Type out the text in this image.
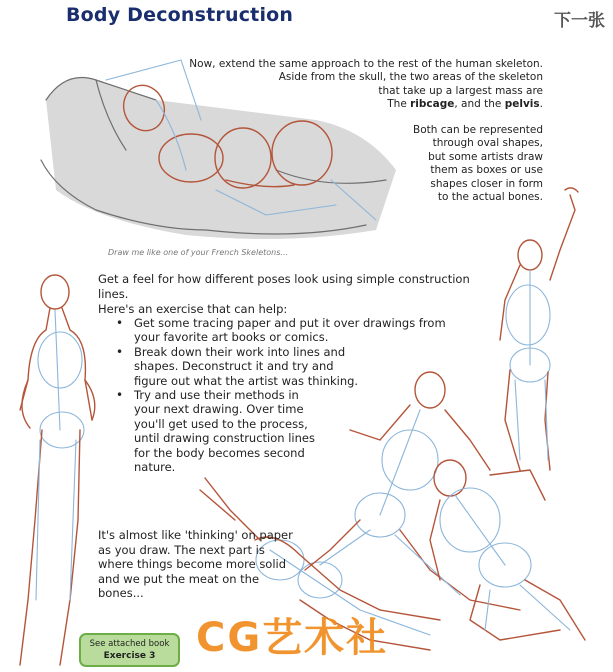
Body Deconstruction	下一张
Draw me like one of your French Skeletons...
Now, extend the same approach to the rest of the human skeleton.
Aside from the skull, the two areas of the skeleton
that take up a largest mass are
The ribcage, and the pelvis.
Both can be represented
through oval shapes,
but some artists draw
them as boxes or use
shapes closer in form
to the actual bones.
Get a feel for how different poses look using simple construction lines.
Here's an exercise that can help:
• Get some tracing paper and put it over drawings from your favorite art books or comics.
• Break down their work into lines and shapes. Deconstruct it and try and figure out what the artist was thinking.
• Try and use their methods in your next drawing. Over time you'll get used to the process, until drawing construction lines for the body becomes second nature.
It's almost like 'thinking' on paper as you draw. The next part is where things become more solid and we put the meat on the bones...
See attached book
Exercise 3	CG艺术社
